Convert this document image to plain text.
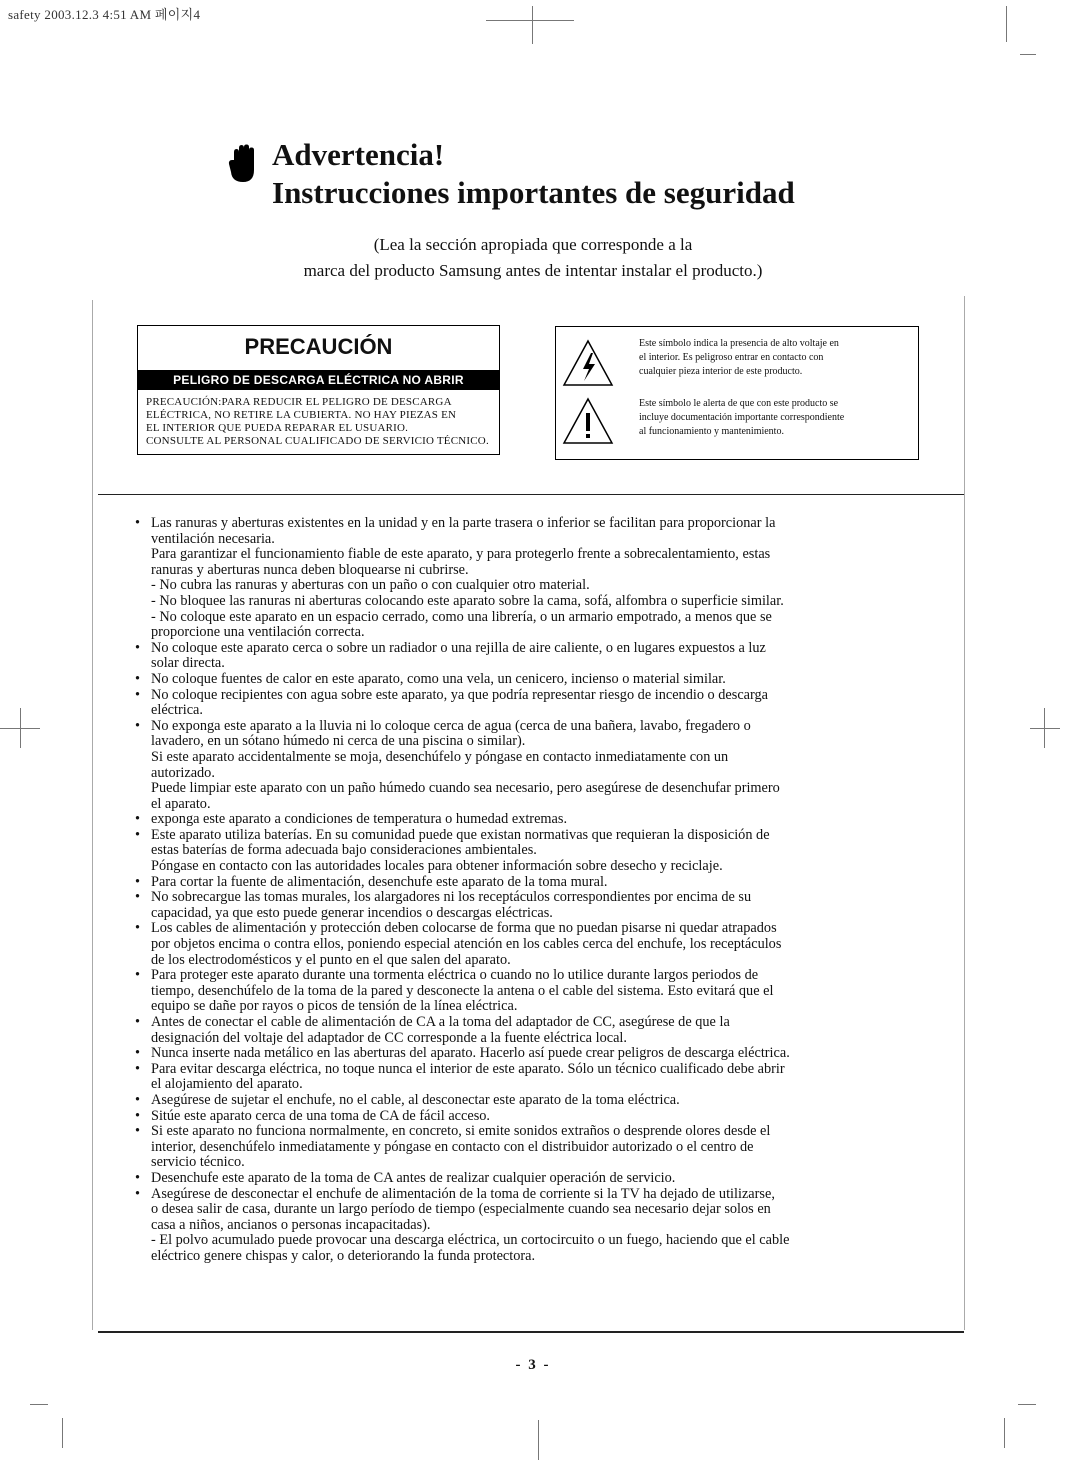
safety 2003.12.3 4:51 AM 페이지4
Advertencia!
Instrucciones importantes de seguridad
(Lea la sección apropiada que corresponde a la
marca del producto Samsung antes de intentar instalar el producto.)
PRECAUCIÓN
PELIGRO DE DESCARGA ELÉCTRICA NO ABRIR
PRECAUCIÓN:PARA REDUCIR EL PELIGRO DE DESCARGA
ELÉCTRICA, NO RETIRE LA CUBIERTA. NO HAY PIEZAS EN
EL INTERIOR QUE PUEDA REPARAR EL USUARIO.
CONSULTE AL PERSONAL CUALIFICADO DE SERVICIO TÉCNICO.
Este símbolo indica la presencia de alto voltaje en
el interior. Es peligroso entrar en contacto con
cualquier pieza interior de este producto.
Este símbolo le alerta de que con este producto se
incluye documentación importante correspondiente
al funcionamiento y mantenimiento.
• Las ranuras y aberturas existentes en la unidad y en la parte trasera o inferior se facilitan para proporcionar la
ventilación necesaria.
Para garantizar el funcionamiento fiable de este aparato, y para protegerlo frente a sobrecalentamiento, estas
ranuras y aberturas nunca deben bloquearse ni cubrirse.
- No cubra las ranuras y aberturas con un paño o con cualquier otro material.
- No bloquee las ranuras ni aberturas colocando este aparato sobre la cama, sofá, alfombra o superficie similar.
- No coloque este aparato en un espacio cerrado, como una librería, o un armario empotrado, a menos que se
proporcione una ventilación correcta.
• No coloque este aparato cerca o sobre un radiador o una rejilla de aire caliente, o en lugares expuestos a luz
solar directa.
• No coloque fuentes de calor en este aparato, como una vela, un cenicero, incienso o material similar.
• No coloque recipientes con agua sobre este aparato, ya que podría representar riesgo de incendio o descarga
eléctrica.
• No exponga este aparato a la lluvia ni lo coloque cerca de agua (cerca de una bañera, lavabo, fregadero o
lavadero, en un sótano húmedo ni cerca de una piscina o similar).
Si este aparato accidentalmente se moja, desenchúfelo y póngase en contacto inmediatamente con un
autorizado.
Puede limpiar este aparato con un paño húmedo cuando sea necesario, pero asegúrese de desenchufar primero
el aparato.
• exponga este aparato a condiciones de temperatura o humedad extremas.
• Este aparato utiliza baterías. En su comunidad puede que existan normativas que requieran la disposición de
estas baterías de forma adecuada bajo consideraciones ambientales.
Póngase en contacto con las autoridades locales para obtener información sobre desecho y reciclaje.
• Para cortar la fuente de alimentación, desenchufe este aparato de la toma mural.
• No sobrecargue las tomas murales, los alargadores ni los receptáculos correspondientes por encima de su
capacidad, ya que esto puede generar incendios o descargas eléctricas.
• Los cables de alimentación y protección deben colocarse de forma que no puedan pisarse ni quedar atrapados
por objetos encima o contra ellos, poniendo especial atención en los cables cerca del enchufe, los receptáculos
de los electrodomésticos y el punto en el que salen del aparato.
• Para proteger este aparato durante una tormenta eléctrica o cuando no lo utilice durante largos periodos de
tiempo, desenchúfelo de la toma de la pared y desconecte la antena o el cable del sistema. Esto evitará que el
equipo se dañe por rayos o picos de tensión de la línea eléctrica.
• Antes de conectar el cable de alimentación de CA a la toma del adaptador de CC, asegúrese de que la
designación del voltaje del adaptador de CC corresponde a la fuente eléctrica local.
• Nunca inserte nada metálico en las aberturas del aparato. Hacerlo así puede crear peligros de descarga eléctrica.
• Para evitar descarga eléctrica, no toque nunca el interior de este aparato. Sólo un técnico cualificado debe abrir
el alojamiento del aparato.
• Asegúrese de sujetar el enchufe, no el cable, al desconectar este aparato de la toma eléctrica.
• Sitúe este aparato cerca de una toma de CA de fácil acceso.
• Si este aparato no funciona normalmente, en concreto, si emite sonidos extraños o desprende olores desde el
interior, desenchúfelo inmediatamente y póngase en contacto con el distribuidor autorizado o el centro de
servicio técnico.
• Desenchufe este aparato de la toma de CA antes de realizar cualquier operación de servicio.
• Asegúrese de desconectar el enchufe de alimentación de la toma de corriente si la TV ha dejado de utilizarse,
o desea salir de casa, durante un largo período de tiempo (especialmente cuando sea necesario dejar solos en
casa a niños, ancianos o personas incapacitadas).
- El polvo acumulado puede provocar una descarga eléctrica, un cortocircuito o un fuego, haciendo que el cable
eléctrico genere chispas y calor, o deteriorando la funda protectora.
- 3 -
